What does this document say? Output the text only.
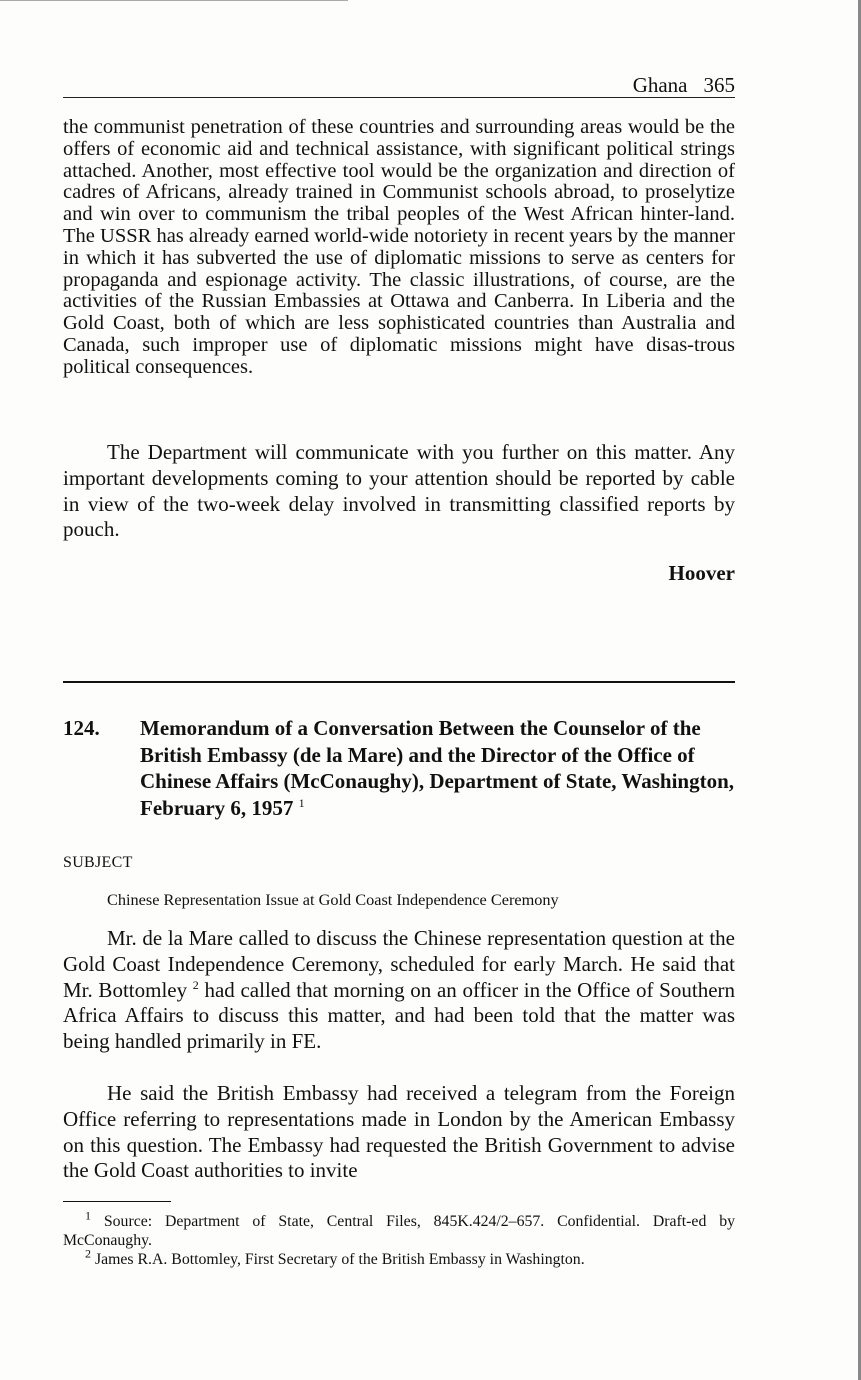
Ghana 365

the communist penetration of these countries and surrounding areas would be the offers of economic aid and technical assistance, with significant political strings attached. Another, most effective tool would be the organization and direction of cadres of Africans, already trained in Communist schools abroad, to proselytize and win over to communism the tribal peoples of the West African hinter-land. The USSR has already earned world-wide notoriety in recent years by the manner in which it has subverted the use of diplomatic missions to serve as centers for propaganda and espionage activity. The classic illustrations, of course, are the activities of the Russian Embassies at Ottawa and Canberra. In Liberia and the Gold Coast, both of which are less sophisticated countries than Australia and Canada, such improper use of diplomatic missions might have disas-trous political consequences.

The Department will communicate with you further on this matter. Any important developments coming to your attention should be reported by cable in view of the two-week delay involved in transmitting classified reports by pouch.

Hoover
124. Memorandum of a Conversation Between the Counselor of the British Embassy (de la Mare) and the Director of the Office of Chinese Affairs (McConaughy), Department of State, Washington, February 6, 1957 $^1$
SUBJECT
Chinese Representation Issue at Gold Coast Independence Ceremony

Mr. de la Mare called to discuss the Chinese representation question at the Gold Coast Independence Ceremony, scheduled for early March. He said that Mr. Bottomley $^2$ had called that morning on an officer in the Office of Southern Africa Affairs to discuss this matter, and had been told that the matter was being handled primarily in FE.

He said the British Embassy had received a telegram from the Foreign Office referring to representations made in London by the American Embassy on this question. The Embassy had requested the British Government to advise the Gold Coast authorities to invite

$^1$ Source: Department of State, Central Files, 845K.424/2–657. Confidential. Draft-ed by McConaughy.

$^2$ James R.A. Bottomley, First Secretary of the British Embassy in Washington.
